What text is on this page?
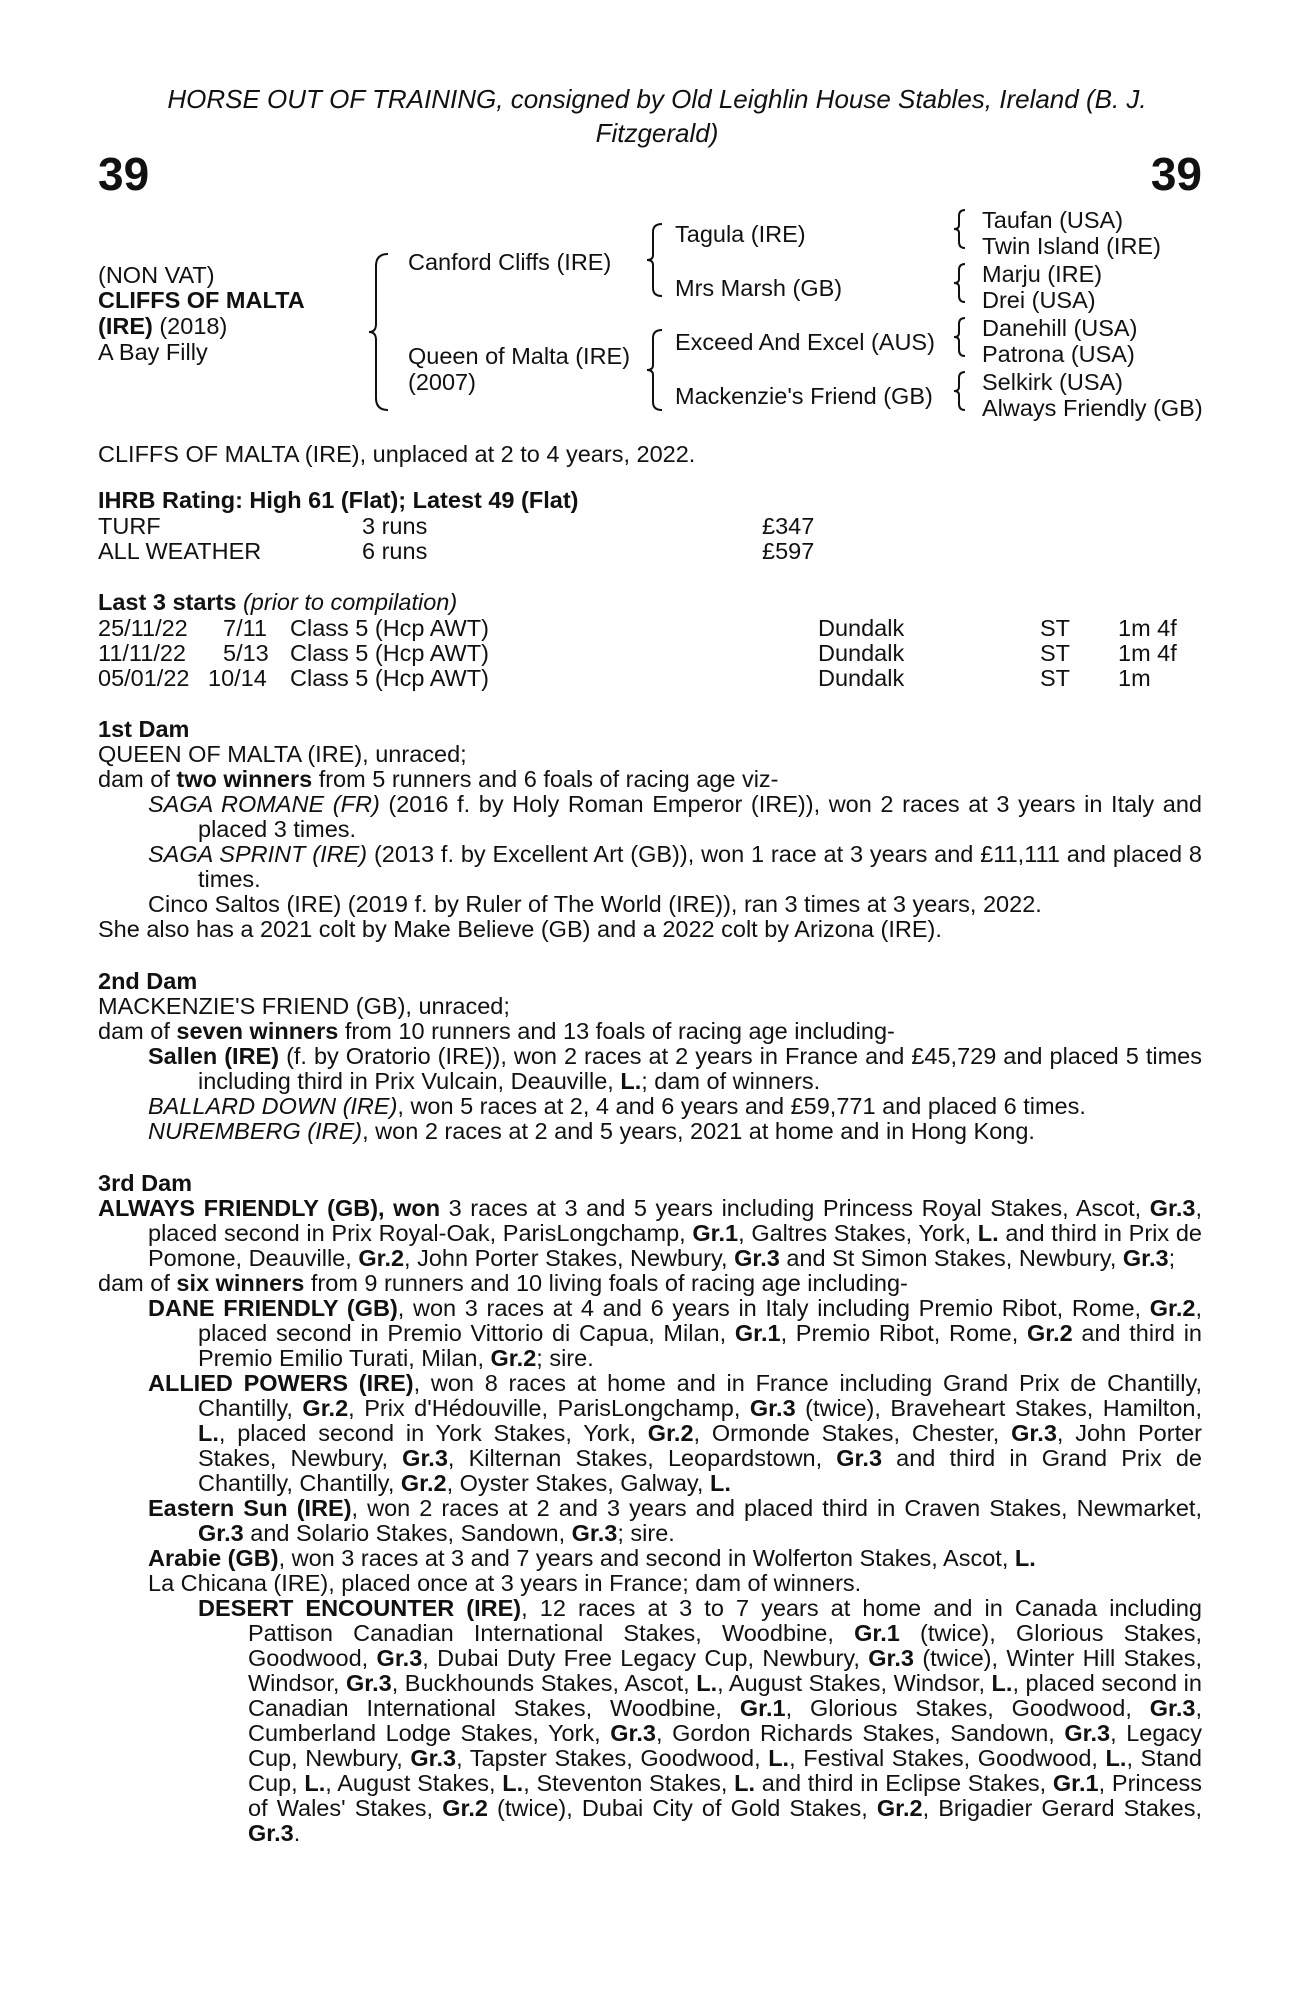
HORSE OUT OF TRAINING, consigned by Old Leighlin House Stables, Ireland (B. J.
Fitzgerald)
39	39
(NON VAT)
CLIFFS OF MALTA
(IRE) (2018)
A Bay Filly
Canford Cliffs (IRE)
Queen of Malta (IRE)
(2007)
Tagula (IRE)
Mrs Marsh (GB)
Exceed And Excel (AUS)
Mackenzie's Friend (GB)
Taufan (USA)
Twin Island (IRE)
Marju (IRE)
Drei (USA)
Danehill (USA)
Patrona (USA)
Selkirk (USA)
Always Friendly (GB)
CLIFFS OF MALTA (IRE), unplaced at 2 to 4 years, 2022.
IHRB Rating: High 61 (Flat); Latest 49 (Flat)
TURF	3 runs	£347
ALL WEATHER	6 runs	£597
Last 3 starts (prior to compilation)
25/11/22 7/11 Class 5 (Hcp AWT)	Dundalk	ST 1m 4f
11/11/22 5/13 Class 5 (Hcp AWT)	Dundalk	ST 1m 4f
05/01/22 10/14 Class 5 (Hcp AWT)	Dundalk	ST 1m

1st Dam

QUEEN OF MALTA (IRE), unraced;

dam of two winners from 5 runners and 6 foals of racing age viz-

SAGA ROMANE (FR) (2016 f. by Holy Roman Emperor (IRE)), won 2 races at 3 years in Italy and placed 3 times.

SAGA SPRINT (IRE) (2013 f. by Excellent Art (GB)), won 1 race at 3 years and £11,111 and placed 8 times.

Cinco Saltos (IRE) (2019 f. by Ruler of The World (IRE)), ran 3 times at 3 years, 2022.

She also has a 2021 colt by Make Believe (GB) and a 2022 colt by Arizona (IRE).

2nd Dam

MACKENZIE'S FRIEND (GB), unraced;

dam of seven winners from 10 runners and 13 foals of racing age including-

Sallen (IRE) (f. by Oratorio (IRE)), won 2 races at 2 years in France and £45,729 and placed 5 times including third in Prix Vulcain, Deauville, L.; dam of winners.

BALLARD DOWN (IRE), won 5 races at 2, 4 and 6 years and £59,771 and placed 6 times.

NUREMBERG (IRE), won 2 races at 2 and 5 years, 2021 at home and in Hong Kong.

3rd Dam

ALWAYS FRIENDLY (GB), won 3 races at 3 and 5 years including Princess Royal Stakes, Ascot, Gr.3, placed second in Prix Royal-Oak, ParisLongchamp, Gr.1, Galtres Stakes, York, L. and third in Prix de Pomone, Deauville, Gr.2, John Porter Stakes, Newbury, Gr.3 and St Simon Stakes, Newbury, Gr.3;

dam of six winners from 9 runners and 10 living foals of racing age including-

DANE FRIENDLY (GB), won 3 races at 4 and 6 years in Italy including Premio Ribot, Rome, Gr.2, placed second in Premio Vittorio di Capua, Milan, Gr.1, Premio Ribot, Rome, Gr.2 and third in Premio Emilio Turati, Milan, Gr.2; sire.

ALLIED POWERS (IRE), won 8 races at home and in France including Grand Prix de Chantilly, Chantilly, Gr.2, Prix d'Hédouville, ParisLongchamp, Gr.3 (twice), Braveheart Stakes, Hamilton, L., placed second in York Stakes, York, Gr.2, Ormonde Stakes, Chester, Gr.3, John Porter Stakes, Newbury, Gr.3, Kilternan Stakes, Leopardstown, Gr.3 and third in Grand Prix de Chantilly, Chantilly, Gr.2, Oyster Stakes, Galway, L.

Eastern Sun (IRE), won 2 races at 2 and 3 years and placed third in Craven Stakes, Newmarket, Gr.3 and Solario Stakes, Sandown, Gr.3; sire.

Arabie (GB), won 3 races at 3 and 7 years and second in Wolferton Stakes, Ascot, L.

La Chicana (IRE), placed once at 3 years in France; dam of winners.

DESERT ENCOUNTER (IRE), 12 races at 3 to 7 years at home and in Canada including Pattison Canadian International Stakes, Woodbine, Gr.1 (twice), Glorious Stakes, Goodwood, Gr.3, Dubai Duty Free Legacy Cup, Newbury, Gr.3 (twice), Winter Hill Stakes, Windsor, Gr.3, Buckhounds Stakes, Ascot, L., August Stakes, Windsor, L., placed second in Canadian International Stakes, Woodbine, Gr.1, Glorious Stakes, Goodwood, Gr.3, Cumberland Lodge Stakes, York, Gr.3, Gordon Richards Stakes, Sandown, Gr.3, Legacy Cup, Newbury, Gr.3, Tapster Stakes, Goodwood, L., Festival Stakes, Goodwood, L., Stand Cup, L., August Stakes, L., Steventon Stakes, L. and third in Eclipse Stakes, Gr.1, Princess of Wales' Stakes, Gr.2 (twice), Dubai City of Gold Stakes, Gr.2, Brigadier Gerard Stakes, Gr.3.
